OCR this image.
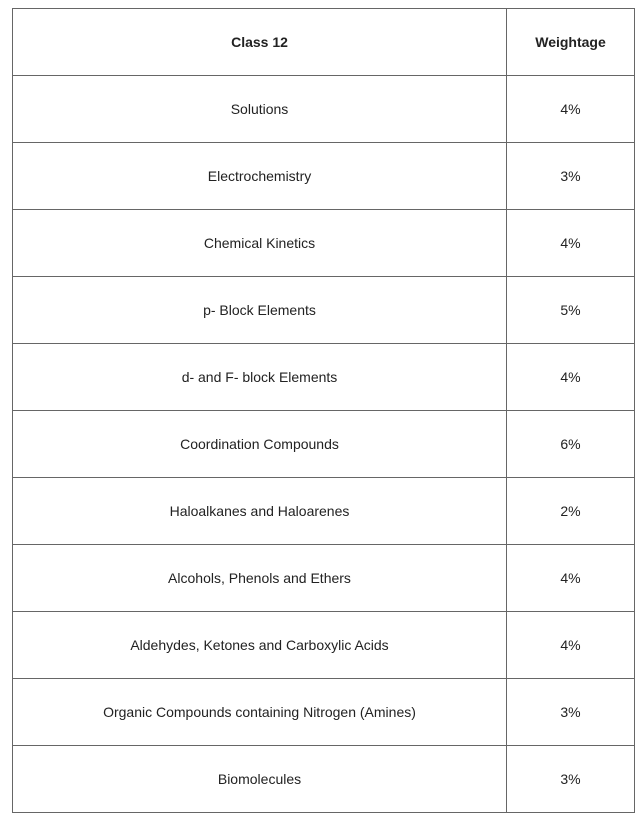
Class 12	Weightage
Solutions	4%
Electrochemistry	3%
Chemical Kinetics	4%
p- Block Elements	5%
d- and F- block Elements	4%
Coordination Compounds	6%
Haloalkanes and Haloarenes	2%
Alcohols, Phenols and Ethers	4%
Aldehydes, Ketones and Carboxylic Acids	4%
Organic Compounds containing Nitrogen (Amines)	3%
Biomolecules	3%
